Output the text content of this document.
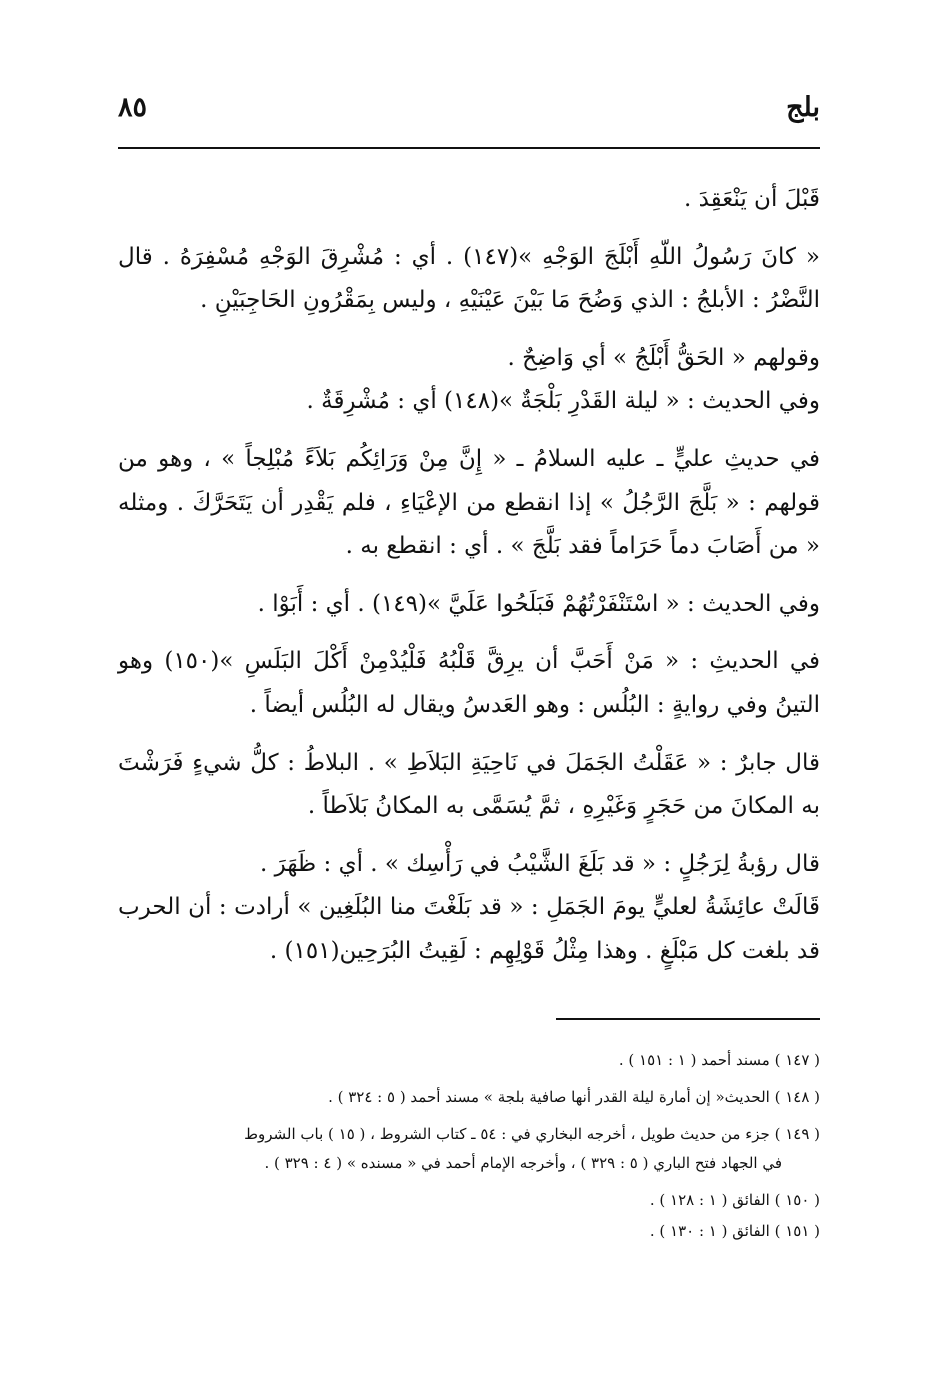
٨٥	بلج

قَبْلَ أن يَنْعَقِدَ .

« كانَ رَسُولُ اللّهِ أَبْلَجَ الوَجْهِ »(١٤٧) . أي : مُشْرِقَ الوَجْهِ مُسْفِرَهُ . قال النَّضْرُ : الأبلجُ : الذي وَضُحَ مَا بَيْنَ عَيْنَيْهِ ، وليس بِمَقْرُونِ الحَاجِبَيْنِ .

وقولهم « الحَقُّ أَبْلَجُ » أي وَاضِحٌ .

وفي الحديث : « ليلة القَدْرِ بَلْجَةٌ »(١٤٨) أي : مُشْرِقَةٌ .

في حديثِ عليٍّ ـ عليه السلامُ ـ « إِنَّ مِنْ وَرَائِكُم بَلاَءً مُبْلِجاً » ، وهو من قولهم : « بَلَّجَ الرَّجُلُ » إذا انقطع من الإعْيَاءِ ، فلم يَقْدِر أن يَتَحَرَّكَ . ومثله « من أَصَابَ دماً حَرَاماً فقد بَلَّجَ » . أي : انقطع به .

وفي الحديث : « اسْتَنْفَرْتُهُمْ فَبَلَحُوا عَلَيَّ »(١٤٩) . أي : أَبَوْا .

في الحديثِ : « مَنْ أَحَبَّ أن يرِقَّ قَلْبُهُ فَلْيُدْمِنْ أَكْلَ البَلَسِ »(١٥٠) وهو التينُ وفي روايةٍ : البُلُس : وهو العَدسُ ويقال له البُلُس أيضاً .

قال جابرٌ : « عَقَلْتُ الجَمَلَ في نَاحِيَةِ البَلاَطِ » . البلاطُ : كلُّ شيءٍ فَرَشْتَ به المكانَ من حَجَرٍ وَغَيْرِهِ ، ثمَّ يُسَمَّى به المكانُ بَلاَطاً .

قال رؤبةُ لِرَجُلٍ : « قد بَلَغَ الشَّيْبُ في رَأْسِك » . أي : ظَهَرَ .

قَالَتْ عائِشَةُ لعليٍّ يومَ الجَمَلِ : « قد بَلَغْتَ منا البُلَغِين » أرادت : أن الحرب قد بلغت كل مَبْلَغٍ . وهذا مِثْلُ قَوْلِهِم : لَقِيتُ البُرَحِين(١٥١) .

( ١٤٧ ) مسند أحمد ( ١ : ١٥١ ) .

( ١٤٨ ) الحديث« إن أمارة ليلة القدر أنها صافية بلجة » مسند أحمد ( ٥ : ٣٢٤ ) .

( ١٤٩ ) جزء من حديث طويل ، أخرجه البخاري في : ٥٤ ـ كتاب الشروط ، ( ١٥ ) باب الشروط
في الجهاد فتح الباري ( ٥ : ٣٢٩ ) ، وأخرجه الإمام أحمد في « مسنده » ( ٤ : ٣٢٩ ) .

( ١٥٠ ) الفائق ( ١ : ١٢٨ ) .

( ١٥١ ) الفائق ( ١ : ١٣٠ ) .
